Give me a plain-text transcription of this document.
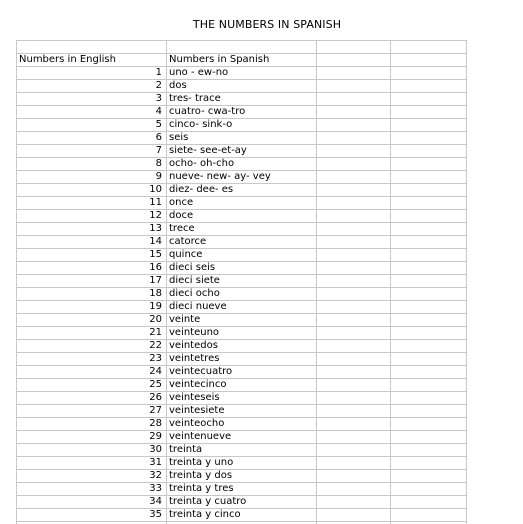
THE NUMBERS IN SPANISH
Numbers in English	Numbers in Spanish
1 uno - ew-no
2 dos
3 tres- trace
4 cuatro- cwa-tro
5 cinco- sink-o
6 seis
7 siete- see-et-ay
8 ocho- oh-cho
9 nueve- new- ay- vey
10 diez- dee- es
11 once
12 doce
13 trece
14 catorce
15 quince
16 dieci seis
17 dieci siete
18 dieci ocho
19 dieci nueve
20 veinte
21 veinteuno
22 veintedos
23 veintetres
24 veintecuatro
25 veintecinco
26 veinteseis
27 veintesiete
28 veinteocho
29 veintenueve
30 treinta
31 treinta y uno
32 treinta y dos
33 treinta y tres
34 treinta y cuatro
35 treinta y cinco
